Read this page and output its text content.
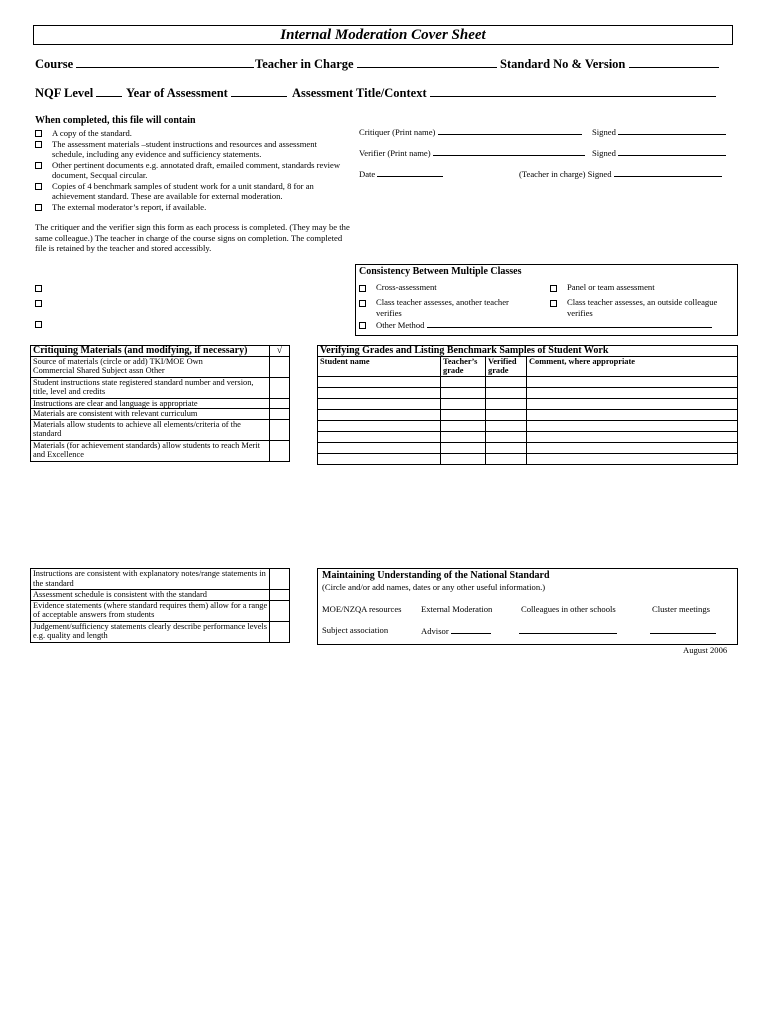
Internal Moderation Cover Sheet
Course	Teacher in Charge	Standard No & Version
NQF Level	Year of Assessment	Assessment Title/Context
When completed, this file will contain
A copy of the standard.
The assessment materials –student instructions and resources and assessment schedule, including any evidence and sufficiency statements.
Other pertinent documents e.g. annotated draft, emailed comment, standards review document, Secqual circular.
Copies of 4 benchmark samples of student work for a unit standard, 8 for an achievement standard. These are available for external moderation.
The external moderator’s report, if available.
The critiquer and the verifier sign this form as each process is completed. (They may be the same colleague.) The teacher in charge of the course signs on completion. The completed file is retained by the teacher and stored accessibly.
Critiquer (Print name)	Signed
Verifier (Print name)	Signed
Date	(Teacher in charge) Signed
Consistency Between Multiple Classes
Cross-assessment	Panel or team assessment
Class teacher assesses, another teacher verifies
Class teacher assesses, an outside colleague verifies
Other Method
Critiquing Materials (and modifying, if necessary)	√
Source of materials (circle or add) TKI/MOE Own
Commercial Shared Subject assn Other	
Student instructions state registered standard number and version, title, level and credits	
Instructions are clear and language is appropriate	
Materials are consistent with relevant curriculum	
Materials allow students to achieve all elements/criteria of the standard	
Materials (for achievement standards) allow students to reach Merit and Excellence	
Verifying Grades and Listing Benchmark Samples of Student Work			
Student name	Teacher’s grade	Verified grade	Comment, where appropriate

Instructions are consistent with explanatory notes/range statements in the standard	
Assessment schedule is consistent with the standard	
Evidence statements (where standard requires them) allow for a range of acceptable answers from students	
Judgement/sufficiency statements clearly describe performance levels e.g. quality and length	
Maintaining Understanding of the National Standard
(Circle and/or add names, dates or any other useful information.)
MOE/NZQA resources External Moderation	Colleagues in other schools	Cluster meetings
Subject association	Advisor
August 2006
